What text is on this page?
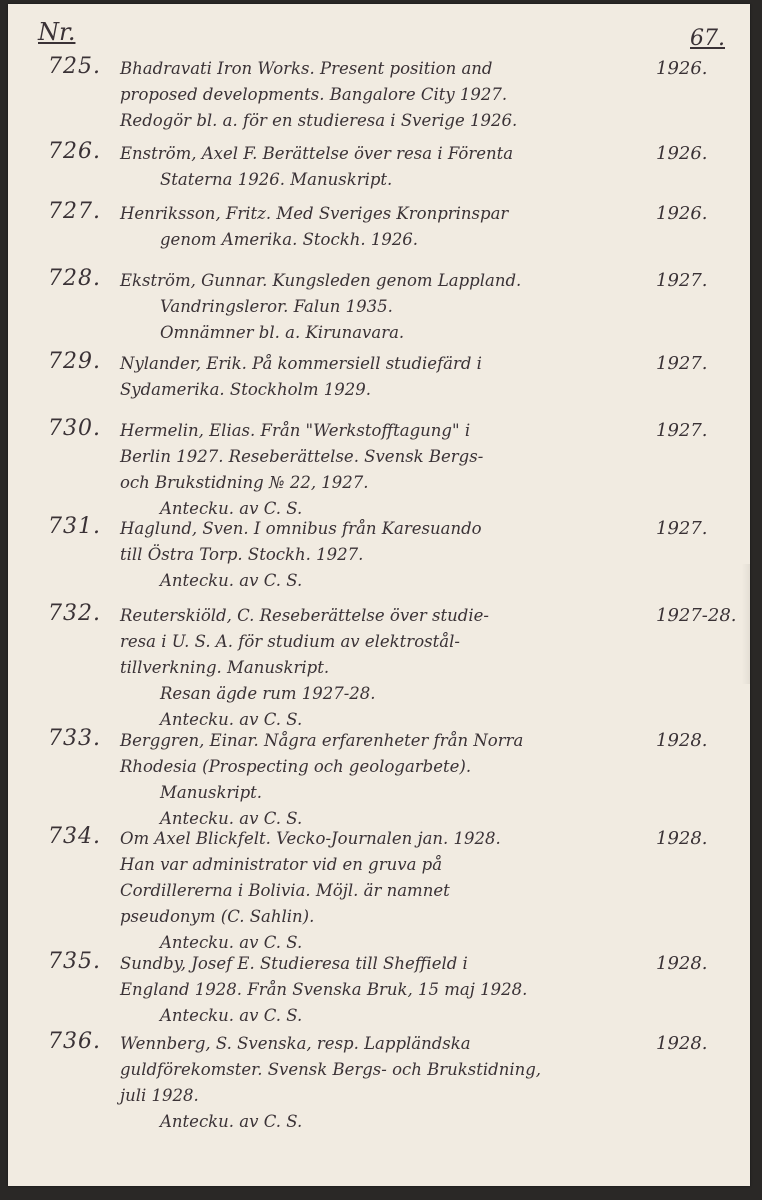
Nr.	67.
725. Bhadravati Iron Works. Present position and
proposed developments. Bangalore City 1927.
Redogör bl. a. för en studieresa i Sverige 1926.
1926.
726. Enström, Axel F. Berättelse över resa i Förenta
Staterna 1926. Manuskript.
1926.
727. Henriksson, Fritz. Med Sveriges Kronprinspar
genom Amerika. Stockh. 1926.
1926.
728. Ekström, Gunnar. Kungsleden genom Lappland.
Vandringsleror. Falun 1935.
Omnämner bl. a. Kirunavara.
1927.
729. Nylander, Erik. På kommersiell studiefärd i
Sydamerika. Stockholm 1929.
1927.
730. Hermelin, Elias. Från "Werkstofftagung" i
Berlin 1927. Reseberättelse. Svensk Bergs-
och Brukstidning № 22, 1927.
Antecku. av C. S.
1927.
731. Haglund, Sven. I omnibus från Karesuando
till Östra Torp. Stockh. 1927.
Antecku. av C. S.
1927.
732. Reuterskiöld, C. Reseberättelse över studie-
resa i U. S. A. för studium av elektrostål-
tillverkning. Manuskript.
Resan ägde rum 1927-28.
Antecku. av C. S.
1927-28.
733. Berggren, Einar. Några erfarenheter från Norra
Rhodesia (Prospecting och geologarbete).
Manuskript.
Antecku. av C. S.
1928.
734. Om Axel Blickfelt. Vecko-Journalen jan. 1928.
Han var administrator vid en gruva på
Cordillererna i Bolivia. Möjl. är namnet
pseudonym (C. Sahlin).
Antecku. av C. S.
1928.
735. Sundby, Josef E. Studieresa till Sheffield i
England 1928. Från Svenska Bruk, 15 maj 1928.
Antecku. av C. S.
1928.
736. Wennberg, S. Svenska, resp. Lappländska
guldförekomster. Svensk Bergs- och Brukstidning,
juli 1928.
Antecku. av C. S.
1928.
